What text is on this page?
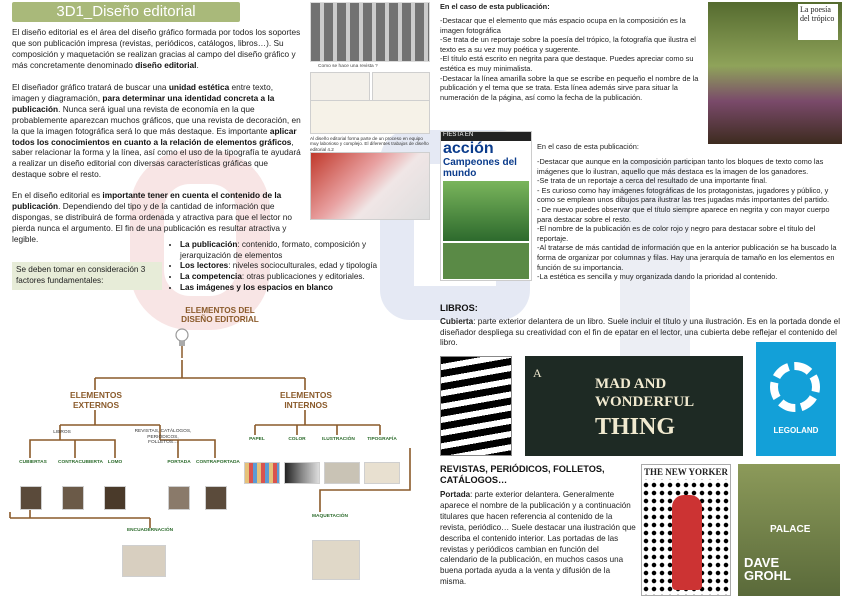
3D1_Diseño editorial
El diseño editorial es el área del diseño gráfico formada por todos los soportes que son publicación impresa (revistas, periódicos, catálogos, libros…). Su composición y maquetación se realizan gracias al campo del diseño gráfico y más concretamente denominado diseño editorial.
El diseñador gráfico tratará de buscar una unidad estética entre texto, imagen y diagramación, para determinar una identidad concreta a la publicación. Nunca será igual una revista de economía en la que probablemente aparezcan muchos gráficos, que una revista de decoración, en la que la imagen fotográfica será lo que más destaque. Es importante aplicar todos los conocimientos en cuanto a la relación de elementos gráficos, saber relacionar la forma y la línea, así como el uso de la tipografía te ayudará a realizar un diseño editorial con diversas características gráficas que destaque sobre el resto.
En el diseño editorial es importante tener en cuenta el contenido de la publicación. Dependiendo del tipo y de la cantidad de información que dispongas, se distribuirá de forma ordenada y atractiva para que el lector no pierda nunca el argumento. El fin de una publicación es resultar atractiva y legible.
Se deben tomar en consideración 3 factores fundamentales:
• La publicación: contenido, formato, composición y jerarquización de elementos
• Los lectores: niveles socioculturales, edad y tipología
• La competencia: otras publicaciones y editoriales.
• Las imágenes y los espacios en blanco
Como se hace una revista ?
Al diseño editorial forma parte de un proceso en equipo muy laborioso y complejo. El diferentes trabajos de diseño editorial 4.2
ELEMENTOS DEL DISEÑO EDITORIAL
ELEMENTOS EXTERNOS
ELEMENTOS INTERNOS
LIBROS	REVISTAS, CATÁLOGOS, PERIÓDICOS, FOLLETOS…
CUBIERTAS CONTRACUBIERTA	LOMO	PORTADA	CONTRAPORTADA
PAPEL	COLOR	ILUSTRACIÓN	TIPOGRAFÍA
ENCUADERNACIÓN
MAQUETACIÓN
En el caso de esta publicación:
-Destacar que el elemento que más espacio ocupa en la composición es la imagen fotográfica
-Se trata de un reportaje sobre la poesía del trópico, la fotografía que ilustra el texto es a su vez muy poética y sugerente.
-El título está escrito en negrita para que destaque. Puedes apreciar como su estética es muy minimalista.
-Destacar la línea amarilla sobre la que se escribe en pequeño el nombre de la publicación y el tema que se trata. Esta línea además sirve para situar la numeración de la página, así como la fecha de la publicación.
La poesía del trópico
FIESTA EN
acción
Campeones del mundo
En el caso de esta publicación:
-Destacar que aunque en la composición participan tanto los bloques de texto como las imágenes que lo ilustran, aquello que más destaca es la imagen de los ganadores.
-Se trata de un reportaje a cerca del resultado de una importante final.
- Es curioso como hay imágenes fotográficas de los protagonistas, jugadores y público, y como se emplean unos dibujos para ilustrar las tres jugadas más importantes del partido.
- De nuevo puedes observar que el título siempre aparece en negrita y con mayor cuerpo para destacar sobre el resto.
-El nombre de la publicación es de color rojo y negro para destacar sobre el título del reportaje.
-Al tratarse de más cantidad de información que en la anterior publicación se ha buscado la forma de organizar por columnas y filas. Hay una jerarquía de tamaño en los elementos en función de su importancia.
-La estética es sencilla y muy organizada dando la prioridad al contenido.
LIBROS:
Cubierta: parte exterior delantera de un libro. Suele incluir el título y una ilustración. Es en la portada donde el diseñador despliega su creatividad con el fin de epatar en el lector, una cubierta debe reflejar el contenido del libro.
A
MAD AND
WONDERFUL
THING	LEGOLAND
REVISTAS, PERIÓDICOS, FOLLETOS, CATÁLOGOS…
Portada: parte exterior delantera. Generalmente aparece el nombre de la publicación y a continuación titulares que hacen referencia al contenido de la revista, periódico… Suele destacar una ilustración que describa el contenido interior. Las portadas de las revistas y periódicos cambian en función del calendario de la publicación, en muchos casos una buena portada ayuda a la venta y difusión de la misma.
THE NEW YORKER
PALACE
DAVE GROHL
